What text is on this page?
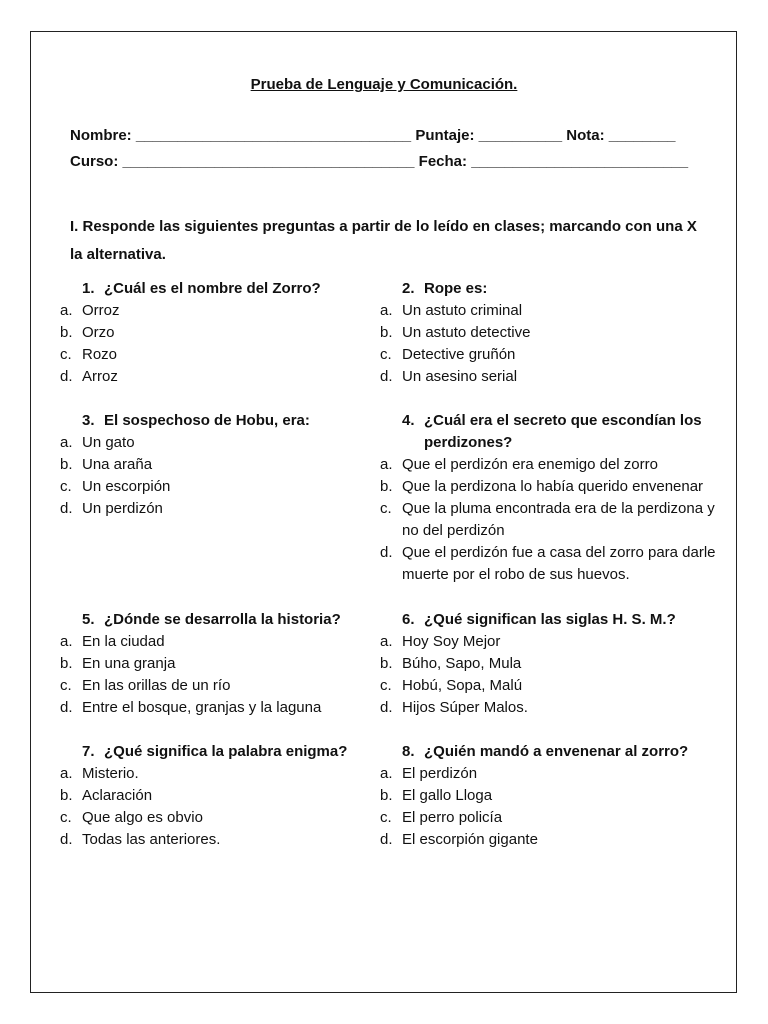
Prueba de Lenguaje y Comunicación.
Nombre: _________________________________ Puntaje: __________ Nota: ________
Curso: ___________________________________ Fecha: __________________________
I. Responde las siguientes preguntas a partir de lo leído en clases; marcando con una X la alternativa.
1. ¿Cuál es el nombre del Zorro?
a. Orroz
b. Orzo
c. Rozo
d. Arroz
2. Rope es:
a. Un astuto criminal
b. Un astuto detective
c. Detective gruñón
d. Un asesino serial
3. El sospechoso de Hobu, era:
a. Un gato
b. Una araña
c. Un escorpión
d. Un perdizón
4. ¿Cuál era el secreto que escondían los perdizones?
a. Que el perdizón era enemigo del zorro
b. Que la perdizona lo había querido envenenar
c. Que la pluma encontrada era de la perdizona y no del perdizón
d. Que el perdizón fue a casa del zorro para darle muerte por el robo de sus huevos.
5. ¿Dónde se desarrolla la historia?
a. En la ciudad
b. En una granja
c. En las orillas de un río
d. Entre el bosque, granjas y la laguna
6. ¿Qué significan las siglas H. S. M.?
a. Hoy Soy Mejor
b. Búho, Sapo, Mula
c. Hobú, Sopa, Malú
d. Hijos Súper Malos.
7. ¿Qué significa la palabra enigma?
a. Misterio.
b. Aclaración
c. Que algo es obvio
d. Todas las anteriores.
8. ¿Quién mandó a envenenar al zorro?
a. El perdizón
b. El gallo Lloga
c. El perro policía
d. El escorpión gigante
